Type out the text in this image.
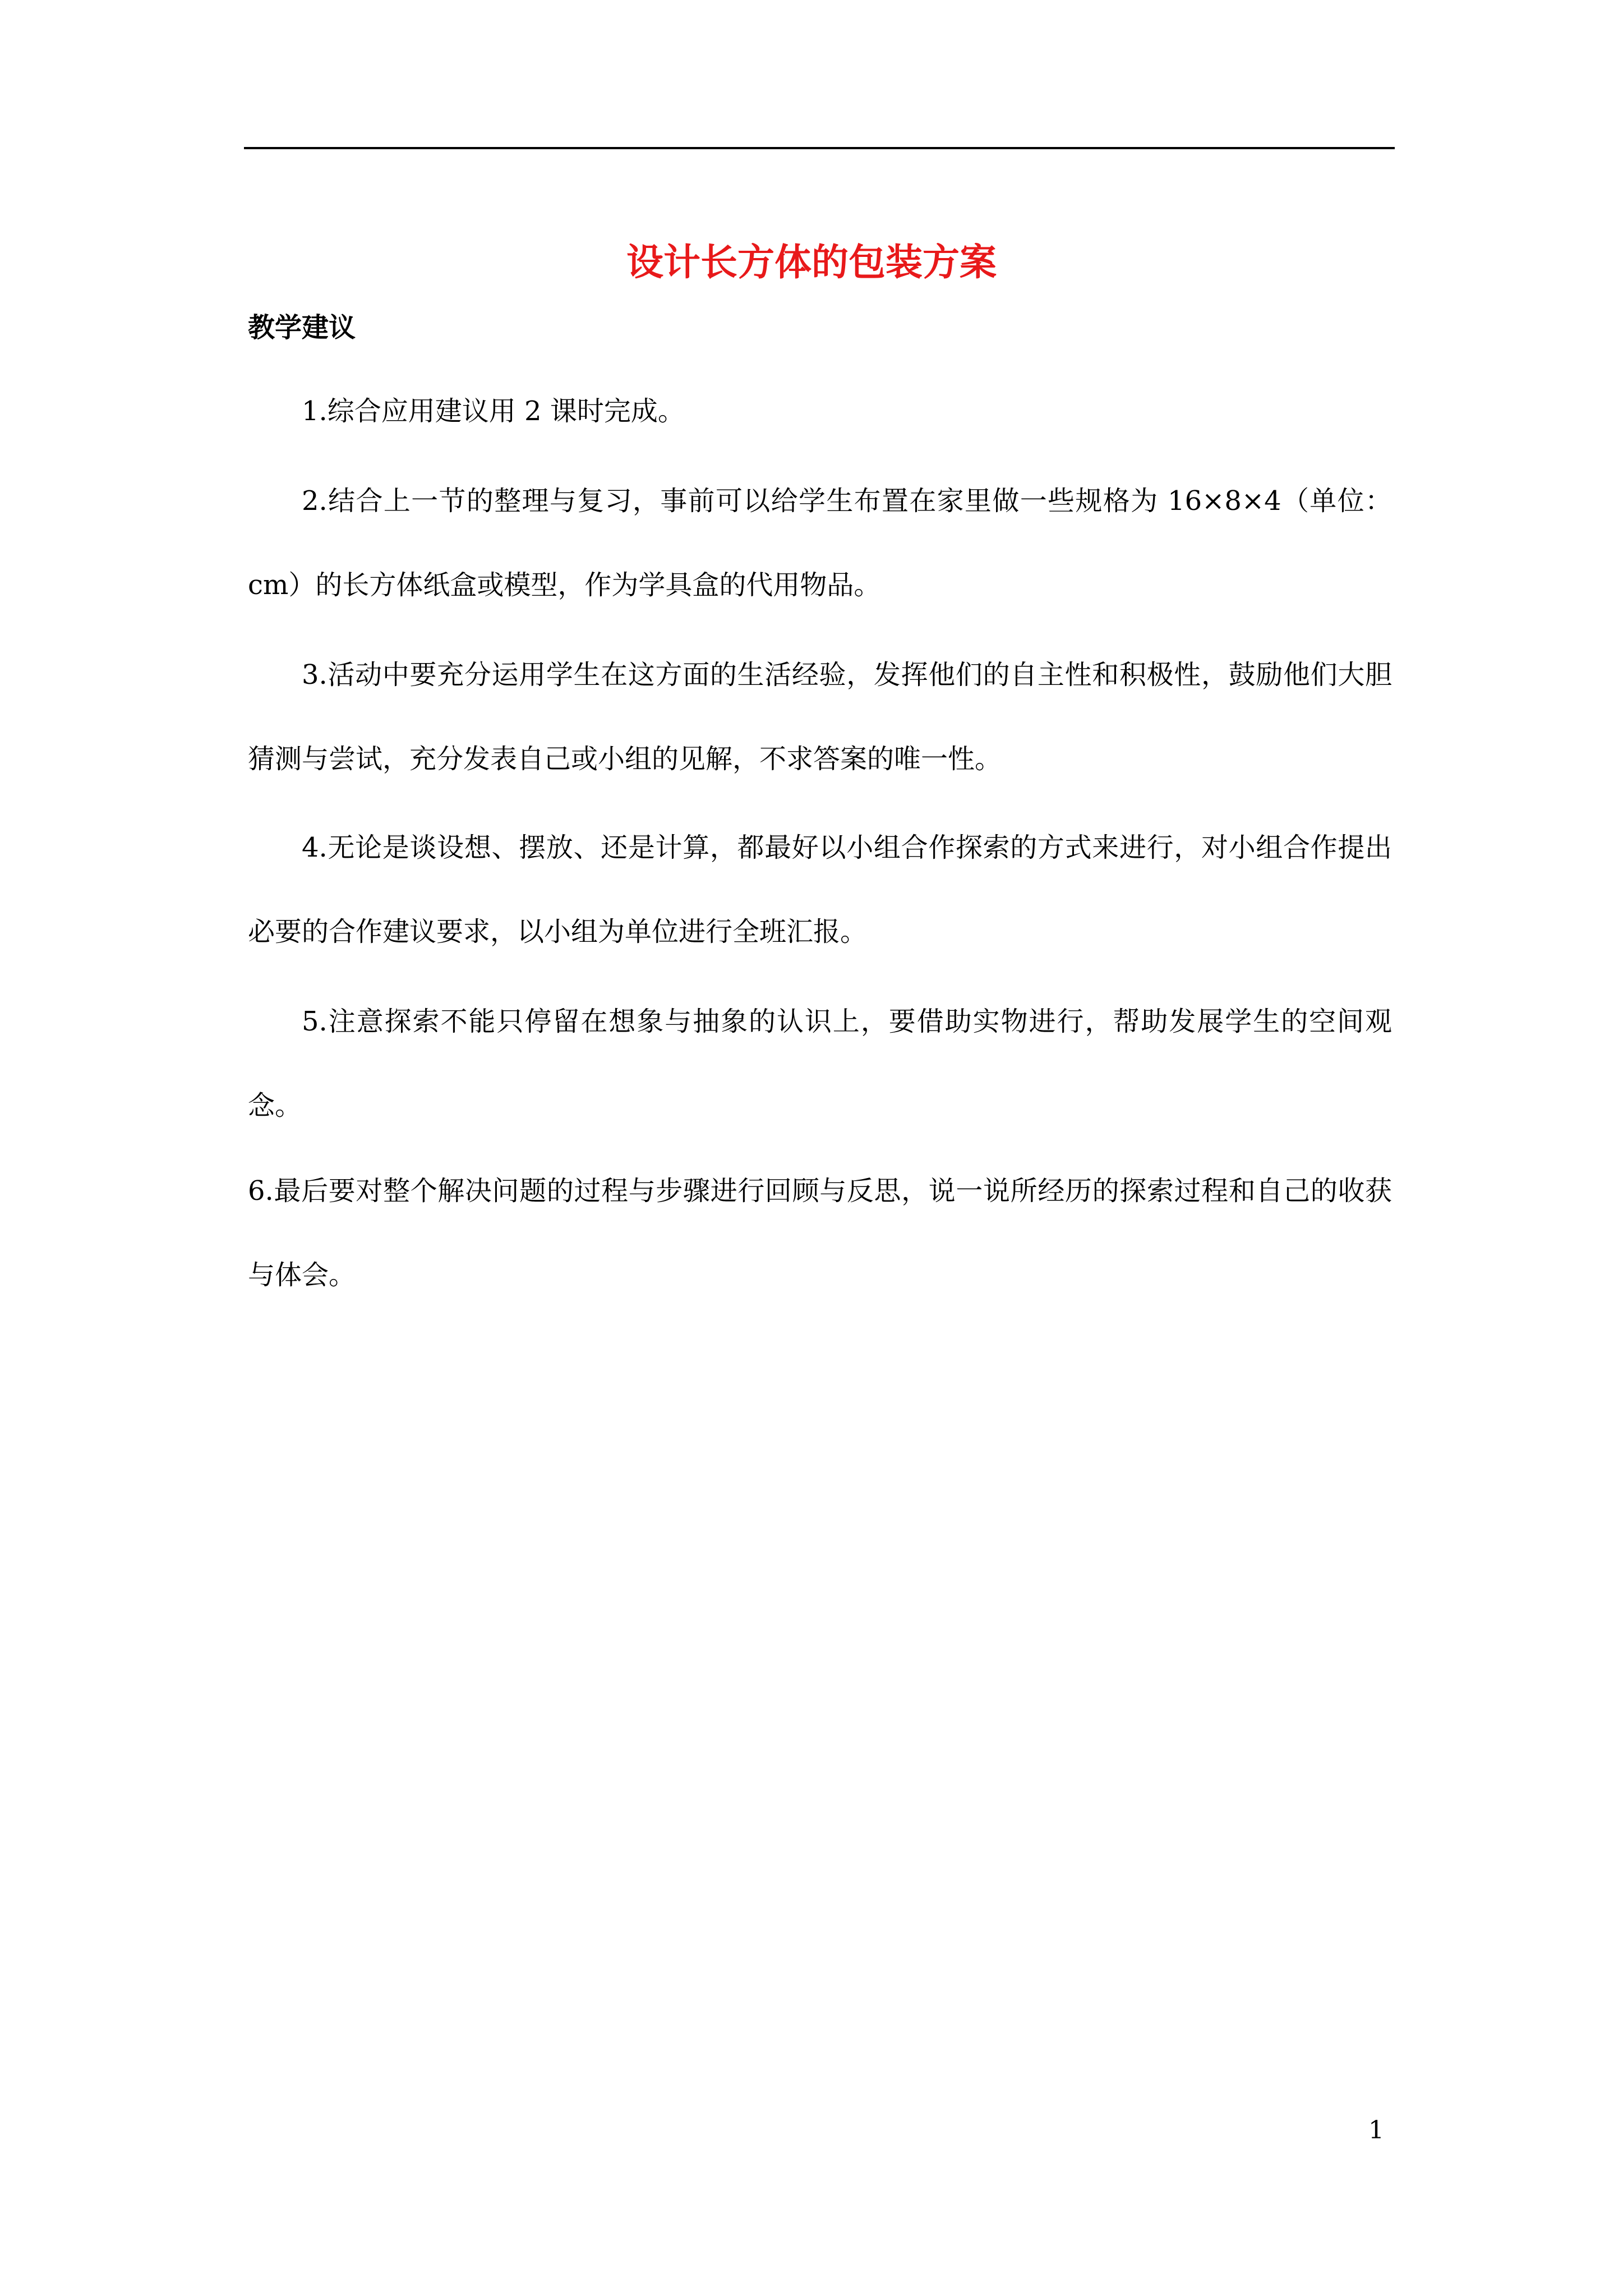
设计长方体的包装方案
教学建议

1.综合应用建议用 2 课时完成。

2.结合上一节的整理与复习，事前可以给学生布置在家里做一些规格为 16×8×4（单位：cm）的长方体纸盒或模型，作为学具盒的代用物品。

3.活动中要充分运用学生在这方面的生活经验，发挥他们的自主性和积极性，鼓励他们大胆猜测与尝试，充分发表自己或小组的见解，不求答案的唯一性。

4.无论是谈设想、摆放、还是计算，都最好以小组合作探索的方式来进行，对小组合作提出必要的合作建议要求，以小组为单位进行全班汇报。

5.注意探索不能只停留在想象与抽象的认识上，要借助实物进行，帮助发展学生的空间观念。

6.最后要对整个解决问题的过程与步骤进行回顾与反思，说一说所经历的探索过程和自己的收获与体会。

1
